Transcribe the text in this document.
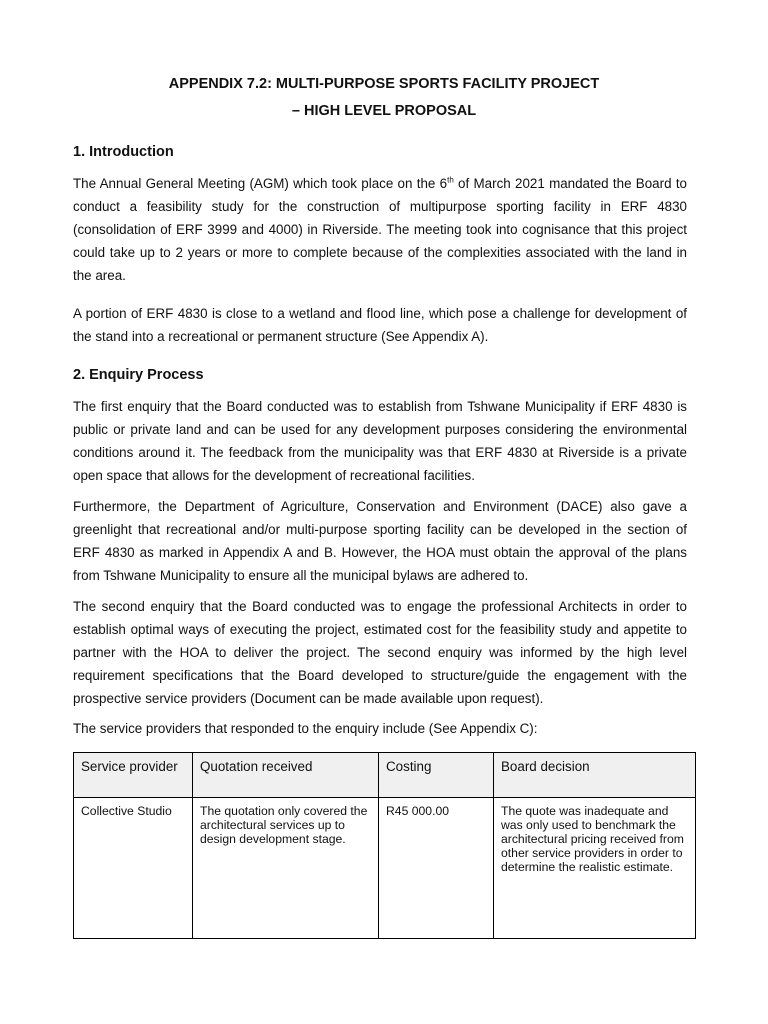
APPENDIX 7.2: MULTI-PURPOSE SPORTS FACILITY PROJECT
– HIGH LEVEL PROPOSAL
1. Introduction

The Annual General Meeting (AGM) which took place on the 6th of March 2021 mandated the Board to conduct a feasibility study for the construction of multipurpose sporting facility in ERF 4830 (consolidation of ERF 3999 and 4000) in Riverside. The meeting took into cognisance that this project could take up to 2 years or more to complete because of the complexities associated with the land in the area.

A portion of ERF 4830 is close to a wetland and flood line, which pose a challenge for development of the stand into a recreational or permanent structure (See Appendix A).

2. Enquiry Process

The first enquiry that the Board conducted was to establish from Tshwane Municipality if ERF 4830 is public or private land and can be used for any development purposes considering the environmental conditions around it. The feedback from the municipality was that ERF 4830 at Riverside is a private open space that allows for the development of recreational facilities.

Furthermore, the Department of Agriculture, Conservation and Environment (DACE) also gave a greenlight that recreational and/or multi-purpose sporting facility can be developed in the section of ERF 4830 as marked in Appendix A and B. However, the HOA must obtain the approval of the plans from Tshwane Municipality to ensure all the municipal bylaws are adhered to.

The second enquiry that the Board conducted was to engage the professional Architects in order to establish optimal ways of executing the project, estimated cost for the feasibility study and appetite to partner with the HOA to deliver the project. The second enquiry was informed by the high level requirement specifications that the Board developed to structure/guide the engagement with the prospective service providers (Document can be made available upon request).

The service providers that responded to the enquiry include (See Appendix C):

Service provider	Quotation received	Costing	Board decision
Collective Studio	The quotation only covered the architectural services up to design development stage.	R45 000.00	The quote was inadequate and was only used to benchmark the architectural pricing received from other service providers in order to determine the realistic estimate.
